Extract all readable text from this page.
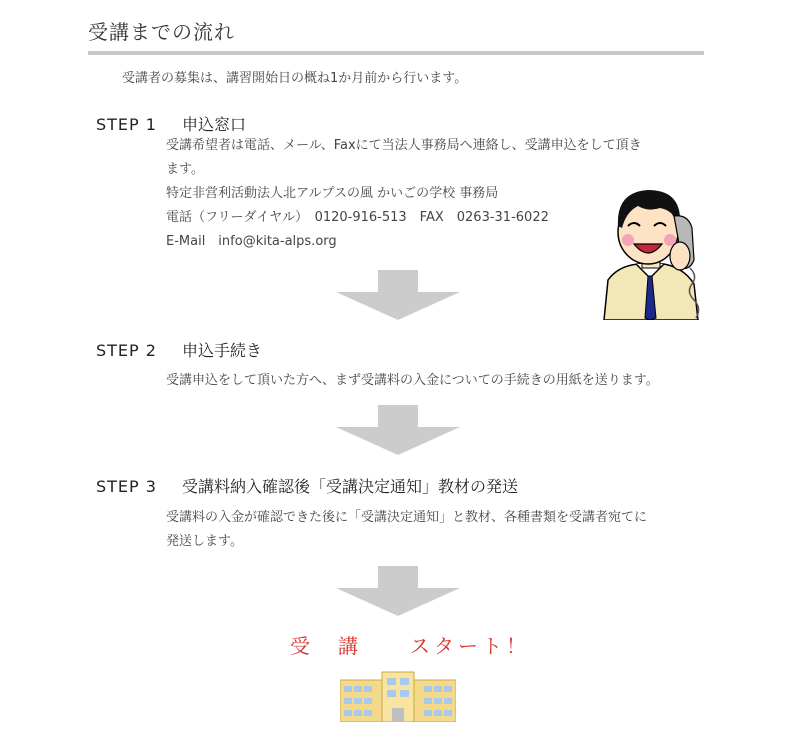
受講までの流れ
受講者の募集は、講習開始日の概ね1か月前から行います。
STEP 1 申込窓口

受講希望者は電話、メール、Faxにて当法人事務局へ連絡し、受講申込をして頂き

ます。

特定非営利活動法人北アルプスの風 かいごの学校 事務局

電話（フリーダイヤル）　0120-916-513　FAX　0263-31-6022

E-Mail　info@kita-alps.org

STEP 2 申込手続き

受講申込をして頂いた方へ、まず受講料の入金についての手続きの用紙を送ります。

STEP 3 受講料納入確認後「受講決定通知」教材の発送

受講料の入金が確認できた後に「受講決定通知」と教材、各種書類を受講者宛てに

発送します。

受　講　　スタート！
